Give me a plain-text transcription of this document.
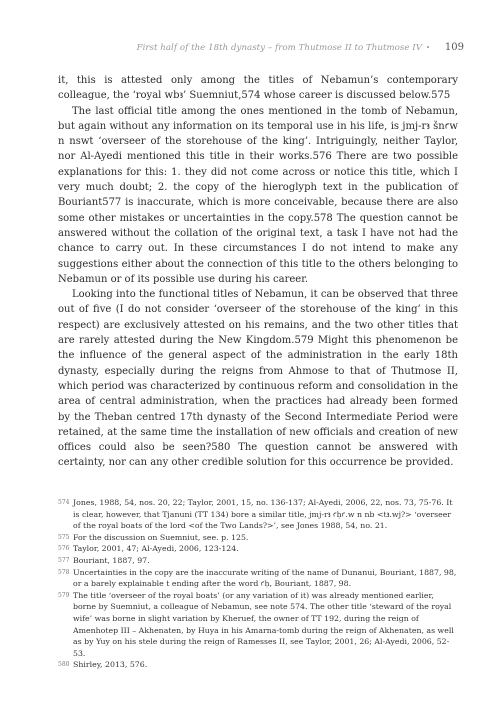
First half of the 18th dynasty – from Thutmose II to Thutmose IV • 109

it, this is attested only among the titles of Nebamun’s contemporary colleague, the ‘royal wbꜣ’ Suemniut,574 whose career is discussed below.575

The last official title among the ones mentioned in the tomb of Nebamun, but again without any information on its temporal use in his life, is jmj-rꜣ šnꜥw n nswt ‘overseer of the storehouse of the king’. Intriguingly, neither Taylor, nor Al-Ayedi mentioned this title in their works.576 There are two possible explanations for this: 1. they did not come across or notice this title, which I very much doubt; 2. the copy of the hieroglyph text in the publication of Bouriant577 is inaccurate, which is more conceivable, because there are also some other mistakes or uncertainties in the copy.578 The question cannot be answered without the collation of the original text, a task I have not had the chance to carry out. In these circumstances I do not intend to make any suggestions either about the connection of this title to the others belonging to Nebamun or of its possible use during his career.

Looking into the functional titles of Nebamun, it can be observed that three out of five (I do not consider ‘overseer of the storehouse of the king’ in this respect) are exclusively attested on his remains, and the two other titles that are rarely attested during the New Kingdom.579 Might this phenomenon be the influence of the general aspect of the administration in the early 18th dynasty, especially during the reigns from Ahmose to that of Thutmose II, which period was characterized by continuous reform and consolidation in the area of central administration, when the practices had already been formed by the Theban centred 17th dynasty of the Second Intermediate Period were retained, at the same time the installation of new officials and creation of new offices could also be seen?580 The question cannot be answered with certainty, nor can any other credible solution for this occurrence be provided.

574 Jones, 1988, 54, nos. 20, 22; Taylor, 2001, 15, no. 136-137; Al-Ayedi, 2006, 22, nos. 73, 75-76. It is clear, however, that Tjanuni (TT 134) bore a similar title, jmj-rꜣ ꜥḥꜥ.w n nb <tꜣ.wj?> ‘overseer of the royal boats of the lord <of the Two Lands?>’, see Jones 1988, 54, no. 21.
575 For the discussion on Suemniut, see. p. 125.
576 Taylor, 2001, 47; Al-Ayedi, 2006, 123-124.
577 Bouriant, 1887, 97.
578 Uncertainties in the copy are the inaccurate writing of the name of Dunanui, Bouriant, 1887, 98, or a barely explainable t ending after the word ꜥḥ, Bouriant, 1887, 98.
579 The title ‘overseer of the royal boats’ (or any variation of it) was already mentioned earlier, borne by Suemniut, a colleague of Nebamun, see note 574. The other title ‘steward of the royal wife’ was borne in slight variation by Kheruef, the owner of TT 192, during the reign of Amenhotep III – Akhenaten, by Huya in his Amarna-tomb during the reign of Akhenaten, as well as by Yuy on his stele during the reign of Ramesses II, see Taylor, 2001, 26; Al-Ayedi, 2006, 52-53.
580 Shirley, 2013, 576.
